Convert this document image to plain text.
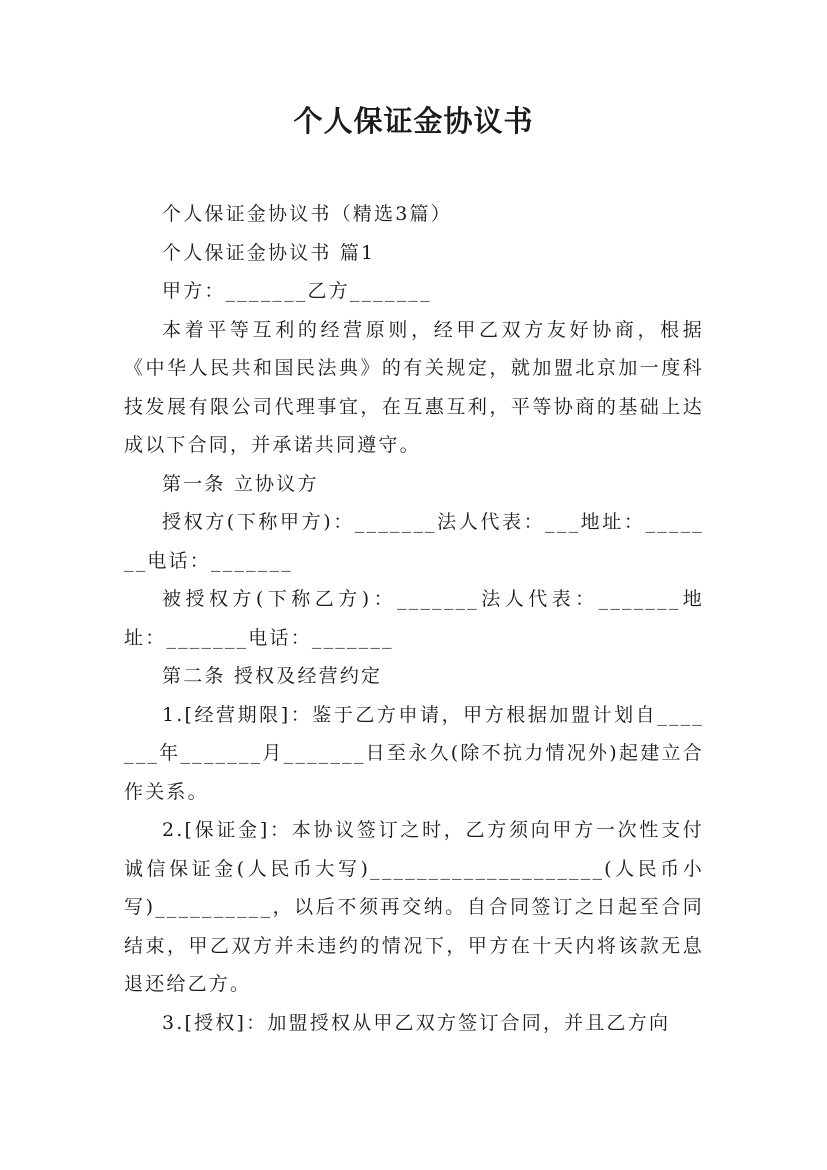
个人保证金协议书

个人保证金协议书（精选3篇）

个人保证金协议书 篇1

甲方：_______乙方_______

本着平等互利的经营原则，经甲乙双方友好协商，根据《中华人民共和国民法典》的有关规定，就加盟北京加一度科技发展有限公司代理事宜，在互惠互利，平等协商的基础上达成以下合同，并承诺共同遵守。

第一条 立协议方

授权方(下称甲方)：_______法人代表：___地址：_______电话：_______

被授权方(下称乙方)：_______法人代表：_______地址：_______电话：_______

第二条 授权及经营约定

1.[经营期限]：鉴于乙方申请，甲方根据加盟计划自_______年_______月_______日至永久(除不抗力情况外)起建立合作关系。

2.[保证金]：本协议签订之时，乙方须向甲方一次性支付诚信保证金(人民币大写)____________________(人民币小写)__________，以后不须再交纳。自合同签订之日起至合同结束，甲乙双方并未违约的情况下，甲方在十天内将该款无息退还给乙方。

3.[授权]：加盟授权从甲乙双方签订合同，并且乙方向
